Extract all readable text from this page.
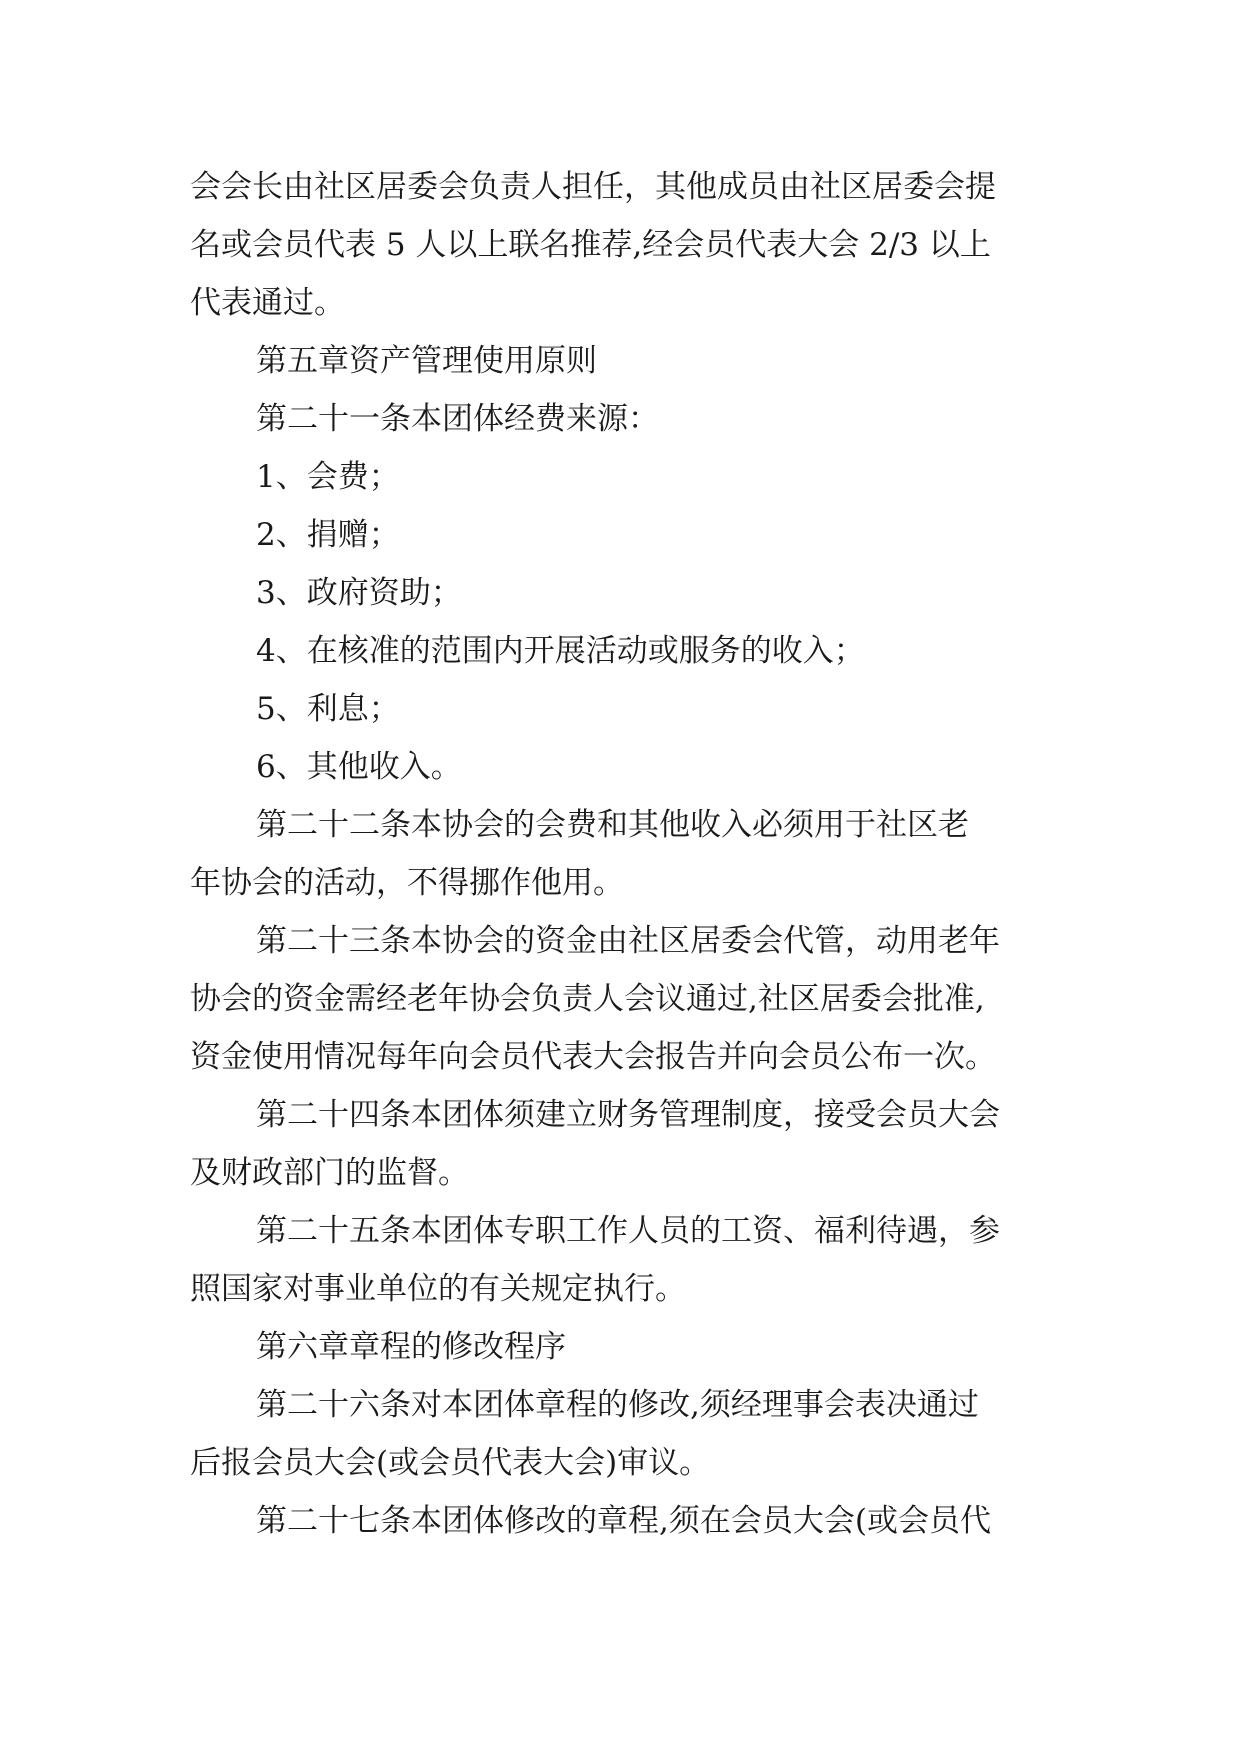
会会长由社区居委会负责人担任，其他成员由社区居委会提
名或会员代表 5 人以上联名推荐,经会员代表大会 2/3 以上
代表通过。
第五章资产管理使用原则
第二十一条本团体经费来源：
1、会费；
2、捐赠；
3、政府资助；
4、在核准的范围内开展活动或服务的收入；
5、利息；
6、其他收入。
第二十二条本协会的会费和其他收入必须用于社区老
年协会的活动，不得挪作他用。
第二十三条本协会的资金由社区居委会代管，动用老年
协会的资金需经老年协会负责人会议通过,社区居委会批准,
资金使用情况每年向会员代表大会报告并向会员公布一次。
第二十四条本团体须建立财务管理制度，接受会员大会
及财政部门的监督。
第二十五条本团体专职工作人员的工资、福利待遇，参
照国家对事业单位的有关规定执行。
第六章章程的修改程序
第二十六条对本团体章程的修改,须经理事会表决通过
后报会员大会(或会员代表大会)审议。
第二十七条本团体修改的章程,须在会员大会(或会员代
